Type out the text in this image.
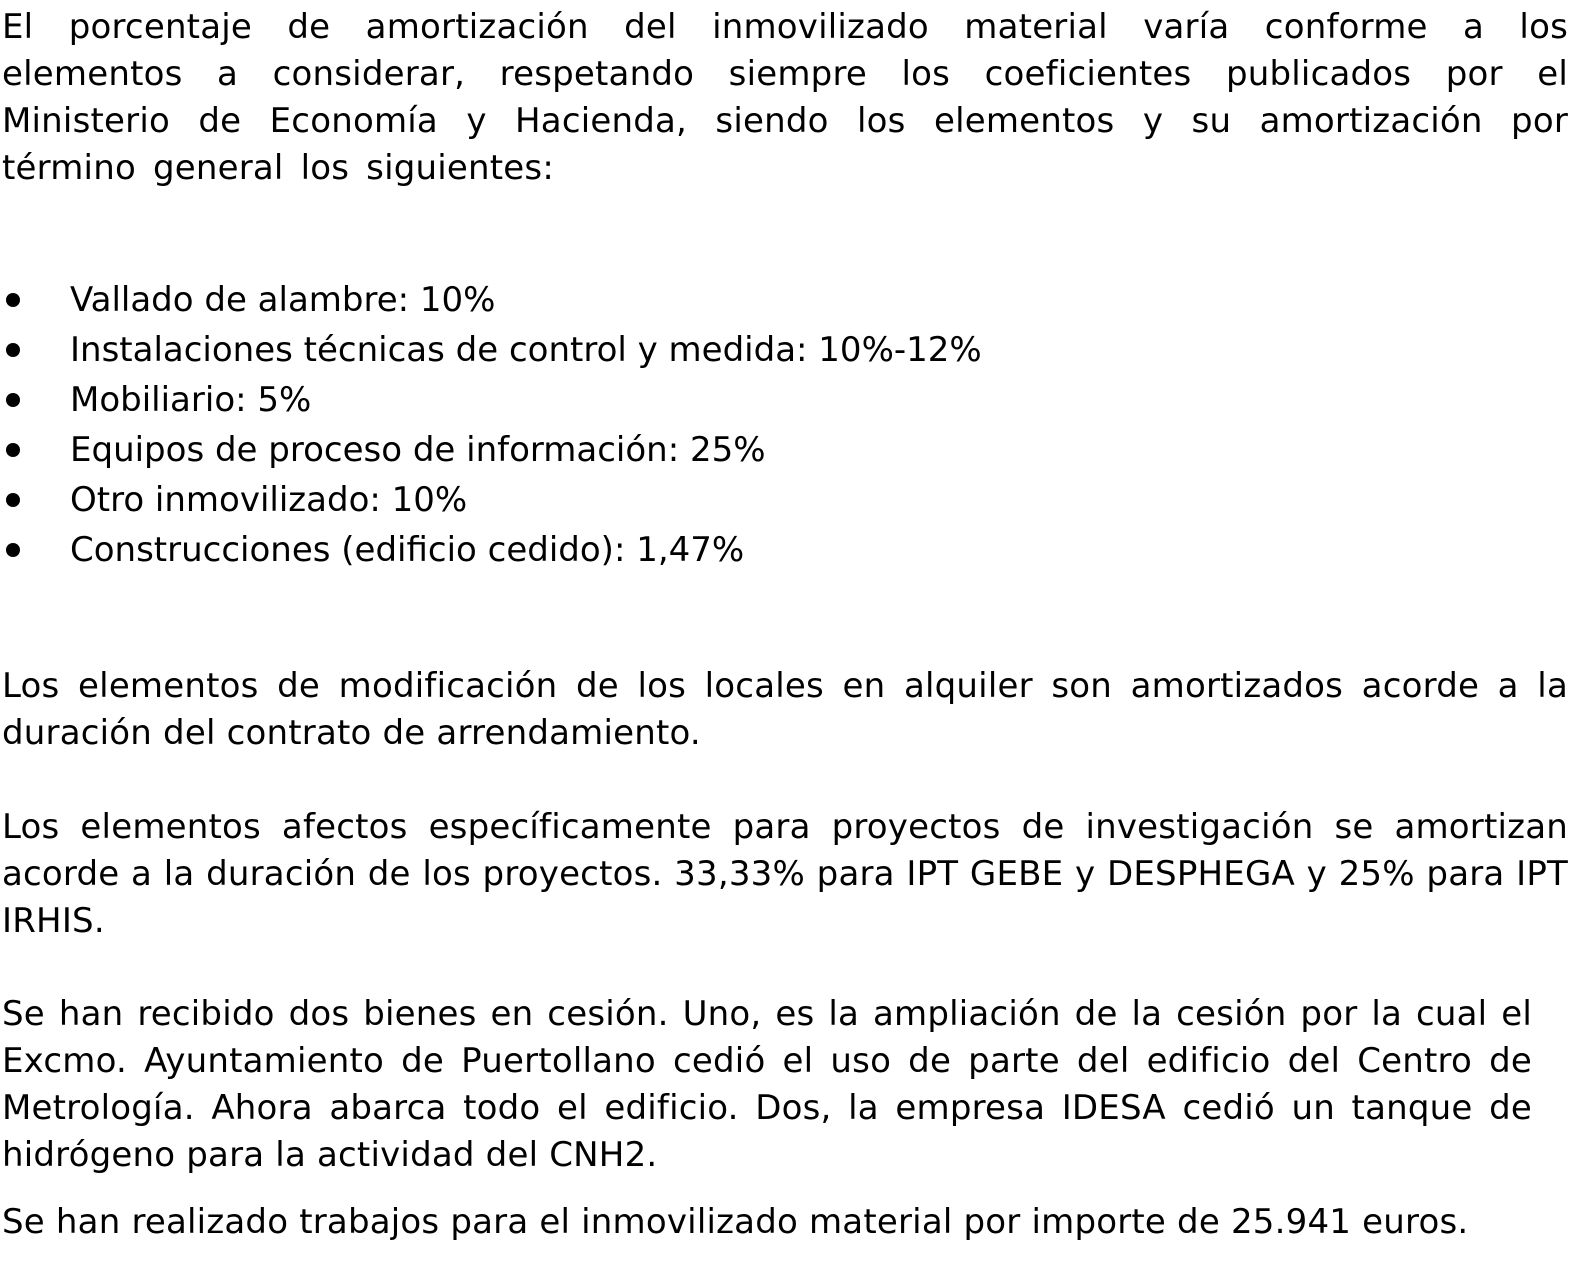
El porcentaje de amortización del inmovilizado material varía conforme a los elementos a considerar, respetando siempre los coeficientes publicados por el Ministerio de Economía y Hacienda, siendo los elementos y su amortización por término general los siguientes:

Vallado de alambre: 10%
Instalaciones técnicas de control y medida: 10%-12%
Mobiliario: 5%
Equipos de proceso de información: 25%
Otro inmovilizado: 10%
Construcciones (edificio cedido): 1,47%

Los elementos de modificación de los locales en alquiler son amortizados acorde a la duración del contrato de arrendamiento.

Los elementos afectos específicamente para proyectos de investigación se amortizan acorde a la duración de los proyectos. 33,33% para IPT GEBE y DESPHEGA y 25% para IPT IRHIS.

Se han recibido dos bienes en cesión. Uno, es la ampliación de la cesión por la cual el Excmo. Ayuntamiento de Puertollano cedió el uso de parte del edificio del Centro de Metrología. Ahora abarca todo el edificio. Dos, la empresa IDESA cedió un tanque de hidrógeno para la actividad del CNH2.

Se han realizado trabajos para el inmovilizado material por importe de 25.941 euros.
